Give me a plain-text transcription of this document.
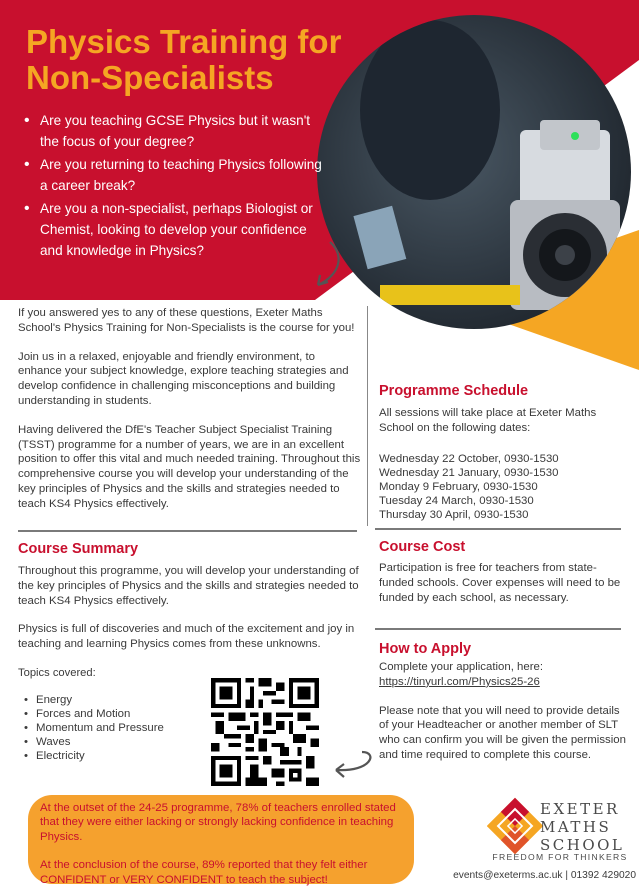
Physics Training for
Non-Specialists
• Are you teaching GCSE Physics but it wasn't the focus of your degree?
• Are you returning to teaching Physics following a career break?
• Are you a non-specialist, perhaps Biologist or Chemist, looking to develop your confidence and knowledge in Physics?

If you answered yes to any of these questions, Exeter Maths School's Physics Training for Non-Specialists is the course for you!

Join us in a relaxed, enjoyable and friendly environment, to enhance your subject knowledge, explore teaching strategies and develop confidence in challenging misconceptions and building understanding in students.

Having delivered the DfE's Teacher Subject Specialist Training (TSST) programme for a number of years, we are in an excellent position to offer this vital and much needed training. Throughout this comprehensive course you will develop your understanding of the key principles of Physics and the skills and strategies needed to teach KS4 Physics effectively.

Course Summary

Throughout this programme, you will develop your understanding of the key principles of Physics and the skills and strategies needed to teach KS4 Physics effectively.

Physics is full of discoveries and much of the excitement and joy in teaching and learning Physics comes from these unknowns.

Topics covered:
• Energy
• Forces and Motion
• Momentum and Pressure
• Waves
• Electricity
Programme Schedule
All sessions will take place at Exeter Maths School on the following dates:
Wednesday 22 October, 0930-1530
Wednesday 21 January, 0930-1530
Monday 9 February, 0930-1530
Tuesday 24 March, 0930-1530
Thursday 30 April, 0930-1530
Course Cost
Participation is free for teachers from state-funded schools. Cover expenses will need to be funded by each school, as necessary.
How to Apply
Complete your application, here:
https://tinyurl.com/Physics25-26
Please note that you will need to provide details of your Headteacher or another member of SLT who can confirm you will be given the permission and time required to complete this course.

At the outset of the 24-25 programme, 78% of teachers enrolled stated that they were either lacking or strongly lacking confidence in teaching Physics.

At the conclusion of the course, 89% reported that they felt either CONFIDENT or VERY CONFIDENT to teach the subject!

EXETER
MATHS
SCHOOL
FREEDOM FOR THINKERS
events@exeterms.ac.uk | 01392 429020
